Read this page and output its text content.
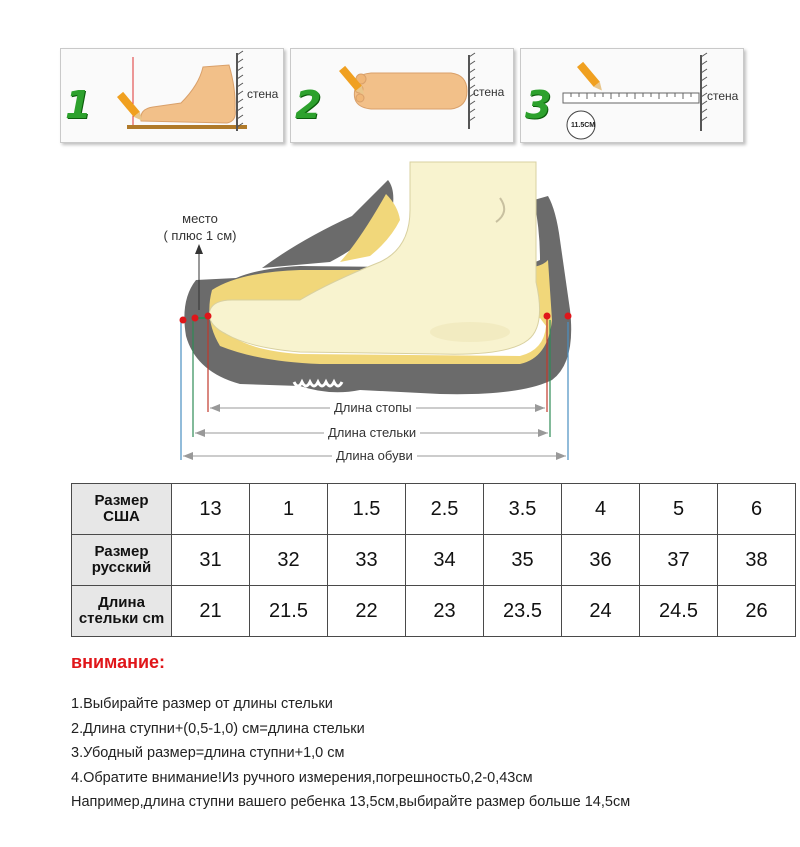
1	стена 2	стена 3	стена
11.5CM
место
( плюс 1 см)
Длина стопы
Длина стельки
Длина обуви
Размер
США	13	1	1.5	2.5	3.5	4	5	6

Размер
русский	31	32	33	34	35	36	37	38

Длина
стельки cm	21	21.5	22	23	23.5	24	24.5	26
внимание:
1.Выбирайте размер от длины стельки
2.Длина ступни+(0,5-1,0) см=длина стельки
3.Убодный размер=длина ступни+1,0 см
4.Обратите внимание!Из ручного измерения,погрешность0,2-0,43см
Например,длина ступни вашего ребенка 13,5cм,выбирайте размер больше 14,5cм
